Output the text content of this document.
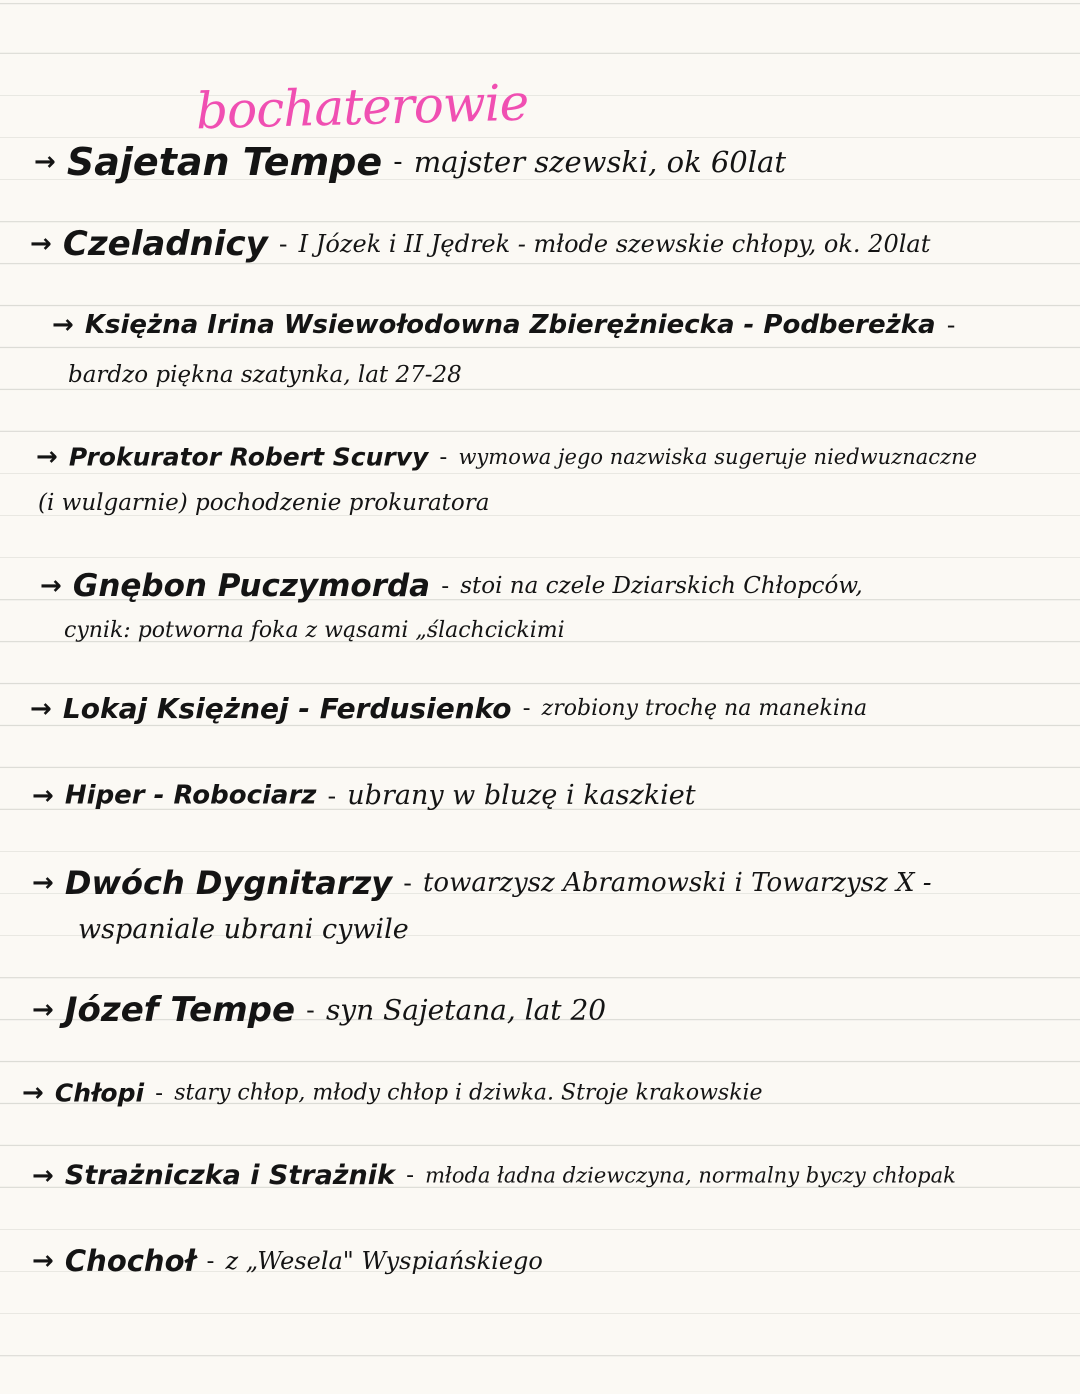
bochaterowie
→ Sajetan Tempe - majster szewski, ok 60lat
→ Czeladnicy - I Józek i II Jędrek - młode szewskie chłopy, ok. 20lat
→ Księżna Irina Wsiewołodowna Zbierężniecka - Podbereżka -
bardzo piękna szatynka, lat 27-28
→ Prokurator Robert Scurvy - wymowa jego nazwiska sugeruje niedwuznaczne
(i wulgarnie) pochodzenie prokuratora
→ Gnębon Puczymorda - stoi na czele Dziarskich Chłopców,
cynik: potworna foka z wąsami „ślachcickimi
→ Lokaj Księżnej - Ferdusienko - zrobiony trochę na manekina
→ Hiper - Robociarz - ubrany w bluzę i kaszkiet
→ Dwóch Dygnitarzy - towarzysz Abramowski i Towarzysz X -
wspaniale ubrani cywile
→ Józef Tempe - syn Sajetana, lat 20
→ Chłopi - stary chłop, młody chłop i dziwka. Stroje krakowskie
→ Strażniczka i Strażnik - młoda ładna dziewczyna, normalny byczy chłopak
→ Chochoł - z „Wesela" Wyspiańskiego
